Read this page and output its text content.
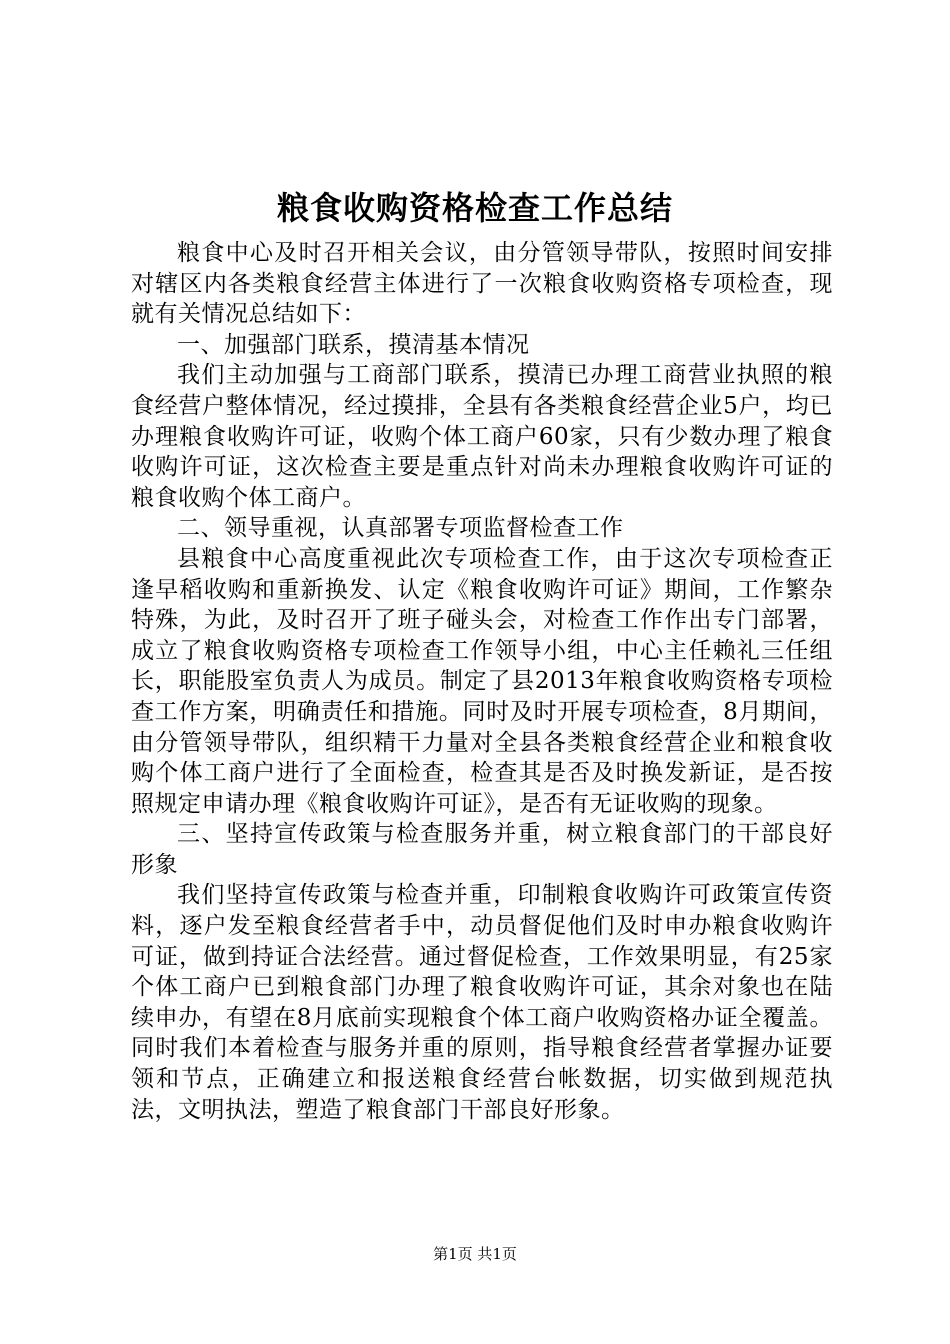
粮食收购资格检查工作总结

粮食中心及时召开相关会议，由分管领导带队，按照时间安排对辖区内各类粮食经营主体进行了一次粮食收购资格专项检查，现就有关情况总结如下：

一、加强部门联系，摸清基本情况

我们主动加强与工商部门联系，摸清已办理工商营业执照的粮食经营户整体情况，经过摸排，全县有各类粮食经营企业5户，均已办理粮食收购许可证，收购个体工商户60家，只有少数办理了粮食收购许可证，这次检查主要是重点针对尚未办理粮食收购许可证的粮食收购个体工商户。

二、领导重视，认真部署专项监督检查工作

县粮食中心高度重视此次专项检查工作，由于这次专项检查正逢早稻收购和重新换发、认定《粮食收购许可证》期间，工作繁杂特殊，为此，及时召开了班子碰头会，对检查工作作出专门部署，成立了粮食收购资格专项检查工作领导小组，中心主任赖礼三任组长，职能股室负责人为成员。制定了县2013年粮食收购资格专项检查工作方案，明确责任和措施。同时及时开展专项检查，8月期间，由分管领导带队，组织精干力量对全县各类粮食经营企业和粮食收购个体工商户进行了全面检查，检查其是否及时换发新证，是否按照规定申请办理《粮食收购许可证》，是否有无证收购的现象。

三、坚持宣传政策与检查服务并重，树立粮食部门的干部良好形象

我们坚持宣传政策与检查并重，印制粮食收购许可政策宣传资料，逐户发至粮食经营者手中，动员督促他们及时申办粮食收购许可证，做到持证合法经营。通过督促检查，工作效果明显，有25家个体工商户已到粮食部门办理了粮食收购许可证，其余对象也在陆续申办，有望在8月底前实现粮食个体工商户收购资格办证全覆盖。同时我们本着检查与服务并重的原则，指导粮食经营者掌握办证要领和节点，正确建立和报送粮食经营台帐数据，切实做到规范执法，文明执法，塑造了粮食部门干部良好形象。

第1页 共1页
